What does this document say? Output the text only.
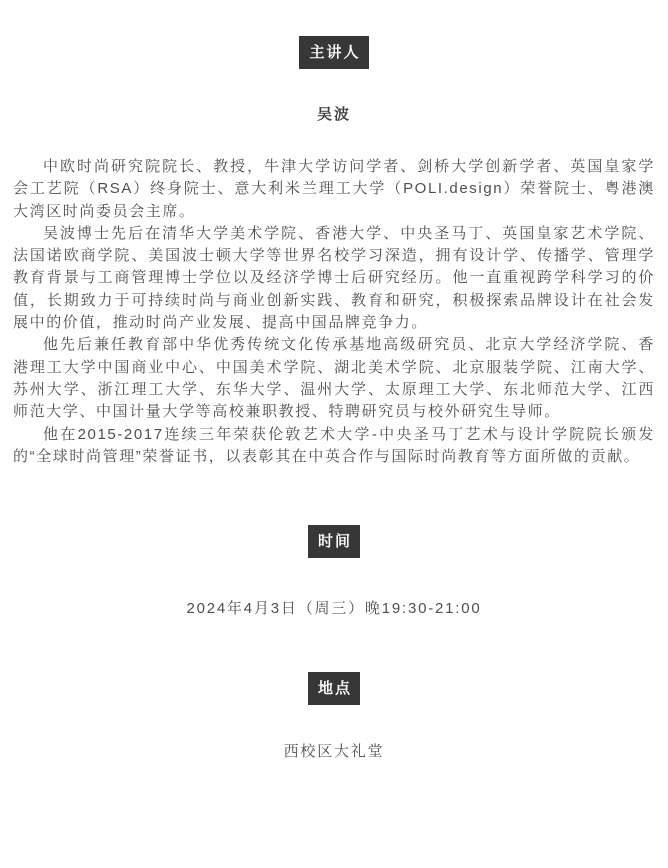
主讲人
吴波

中欧时尚研究院院长、教授，牛津大学访问学者、剑桥大学创新学者、英国皇家学会工艺院（RSA）终身院士、意大利米兰理工大学（POLI.design）荣誉院士、粤港澳大湾区时尚委员会主席。

吴波博士先后在清华大学美术学院、香港大学、中央圣马丁、英国皇家艺术学院、法国诺欧商学院、美国波士顿大学等世界名校学习深造，拥有设计学、传播学、管理学教育背景与工商管理博士学位以及经济学博士后研究经历。他一直重视跨学科学习的价值，长期致力于可持续时尚与商业创新实践、教育和研究，积极探索品牌设计在社会发展中的价值，推动时尚产业发展、提高中国品牌竞争力。

他先后兼任教育部中华优秀传统文化传承基地高级研究员、北京大学经济学院、香港理工大学中国商业中心、中国美术学院、湖北美术学院、北京服装学院、江南大学、苏州大学、浙江理工大学、东华大学、温州大学、太原理工大学、东北师范大学、江西师范大学、中国计量大学等高校兼职教授、特聘研究员与校外研究生导师。

他在2015-2017连续三年荣获伦敦艺术大学-中央圣马丁艺术与设计学院院长颁发的“全球时尚管理”荣誉证书，以表彰其在中英合作与国际时尚教育等方面所做的贡献。

时间
2024年4月3日（周三）晚19:30-21:00
地点
西校区大礼堂
